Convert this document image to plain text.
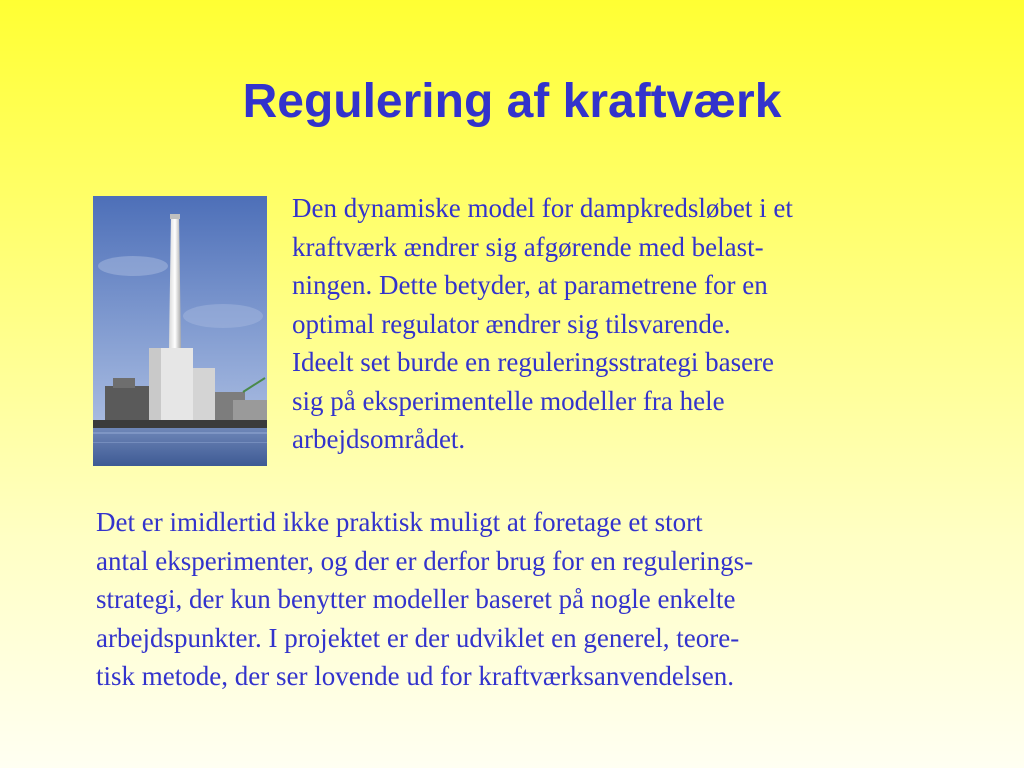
Regulering af kraftværk

Den dynamiske model for dampkredsløbet i et
kraftværk ændrer sig afgørende med belast-
ningen. Dette betyder, at parametrene for en
optimal regulator ændrer sig tilsvarende.
Ideelt set burde en reguleringsstrategi basere
sig på eksperimentelle modeller fra hele
arbejdsområdet.

Det er imidlertid ikke praktisk muligt at foretage et stort
antal eksperimenter, og der er derfor brug for en regulerings-
strategi, der kun benytter modeller baseret på nogle enkelte
arbejdspunkter. I projektet er der udviklet en generel, teore-
tisk metode, der ser lovende ud for kraftværksanvendelsen.
